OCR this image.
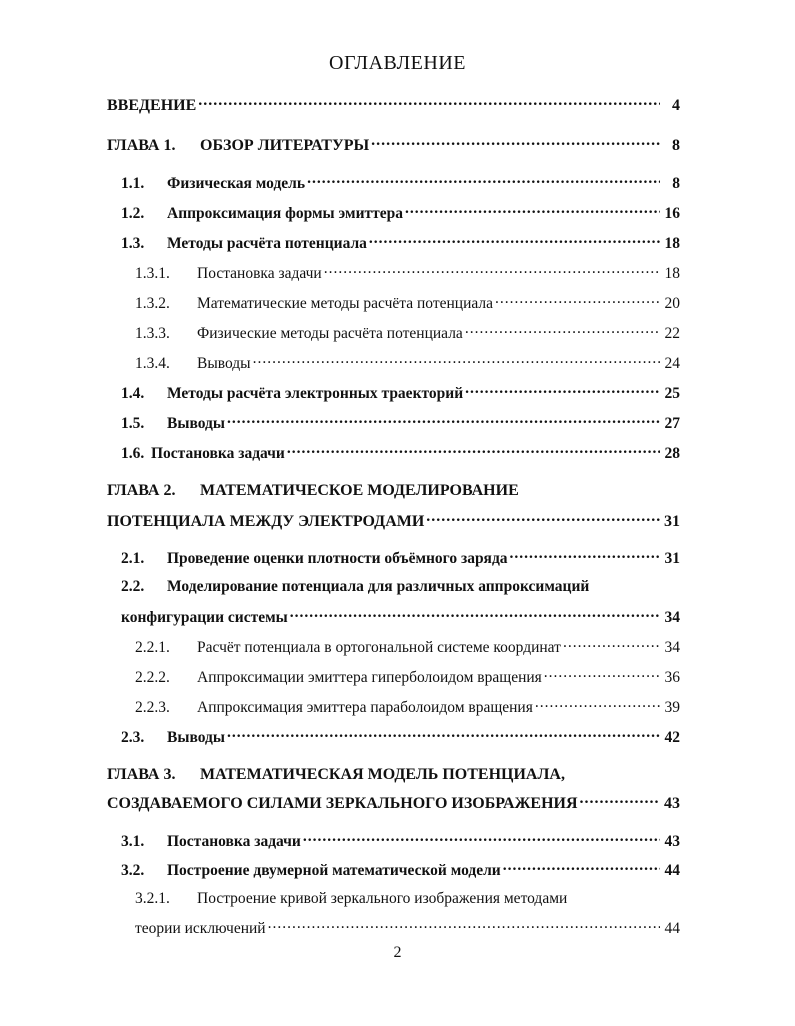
ОГЛАВЛЕНИЕ
ВВЕДЕНИЕ .....	4
ГЛАВА 1.	ОБЗОР ЛИТЕРАТУРЫ .....	8
1.1.	Физическая модель .....	8
1.2.	Аппроксимация формы эмиттера .....	16
1.3.	Методы расчёта потенциала .....	18
1.3.1.	Постановка задачи .....	18
1.3.2.	Математические методы расчёта потенциала .....	20
1.3.3.	Физические методы расчёта потенциала .....	22
1.3.4.	Выводы .....	24
1.4.	Методы расчёта электронных траекторий .....	25
1.5.	Выводы .....	27
1.6. Постановка задачи .....	28
ГЛАВА 2. МАТЕМАТИЧЕСКОЕ МОДЕЛИРОВАНИЕ
ПОТЕНЦИАЛА МЕЖДУ ЭЛЕКТРОДАМИ .....	31
2.1.	Проведение оценки плотности объёмного заряда .....	31
2.2. Моделирование потенциала для различных аппроксимаций
конфигурации системы .....	34
2.2.1.	Расчёт потенциала в ортогональной системе координат .....	34
2.2.2.	Аппроксимации эмиттера гиперболоидом вращения .....	36
2.2.3.	Аппроксимация эмиттера параболоидом вращения .....	39
2.3.	Выводы .....	42
ГЛАВА 3. МАТЕМАТИЧЕСКАЯ МОДЕЛЬ ПОТЕНЦИАЛА,
СОЗДАВАЕМОГО СИЛАМИ ЗЕРКАЛЬНОГО ИЗОБРАЖЕНИЯ .....	43
3.1.	Постановка задачи .....	43
3.2.	Построение двумерной математической модели .....	44
3.2.1. Построение кривой зеркального изображения методами
теории исключений .....	44
2
